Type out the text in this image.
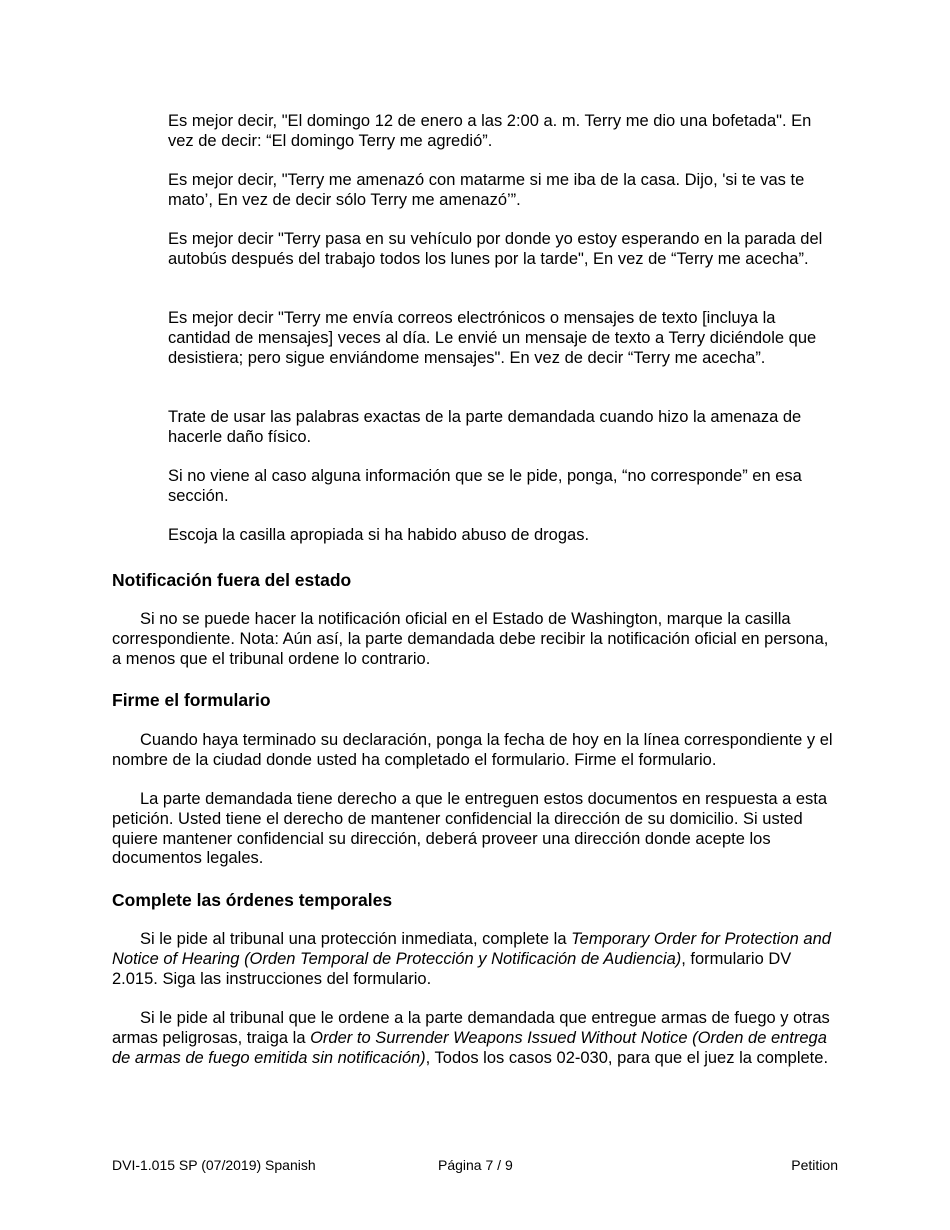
Es mejor decir, "El domingo 12 de enero a las 2:00 a. m. Terry me dio una bofetada". En vez de decir: “El domingo Terry me agredió”.

Es mejor decir, "Terry me amenazó con matarme si me iba de la casa. Dijo, 'si te vas te mato’, En vez de decir sólo Terry me amenazó’”.

Es mejor decir "Terry pasa en su vehículo por donde yo estoy esperando en la parada del autobús después del trabajo todos los lunes por la tarde", En vez de “Terry me acecha”.

Es mejor decir "Terry me envía correos electrónicos o mensajes de texto [incluya la cantidad de mensajes] veces al día. Le envié un mensaje de texto a Terry diciéndole que desistiera; pero sigue enviándome mensajes". En vez de decir “Terry me acecha”.

Trate de usar las palabras exactas de la parte demandada cuando hizo la amenaza de hacerle daño físico.

Si no viene al caso alguna información que se le pide, ponga, “no corresponde” en esa sección.

Escoja la casilla apropiada si ha habido abuso de drogas.

Notificación fuera del estado

Si no se puede hacer la notificación oficial en el Estado de Washington, marque la casilla correspondiente. Nota: Aún así, la parte demandada debe recibir la notificación oficial en persona, a menos que el tribunal ordene lo contrario.

Firme el formulario

Cuando haya terminado su declaración, ponga la fecha de hoy en la línea correspondiente y el nombre de la ciudad donde usted ha completado el formulario. Firme el formulario.

La parte demandada tiene derecho a que le entreguen estos documentos en respuesta a esta petición. Usted tiene el derecho de mantener confidencial la dirección de su domicilio. Si usted quiere mantener confidencial su dirección, deberá proveer una dirección donde acepte los documentos legales.

Complete las órdenes temporales

Si le pide al tribunal una protección inmediata, complete la Temporary Order for Protection and Notice of Hearing (Orden Temporal de Protección y Notificación de Audiencia), formulario DV 2.015. Siga las instrucciones del formulario.

Si le pide al tribunal que le ordene a la parte demandada que entregue armas de fuego y otras armas peligrosas, traiga la Order to Surrender Weapons Issued Without Notice (Orden de entrega de armas de fuego emitida sin notificación), Todos los casos 02-030, para que el juez la complete.

DVI-1.015 SP (07/2019) Spanish	Página 7 / 9	Petition
